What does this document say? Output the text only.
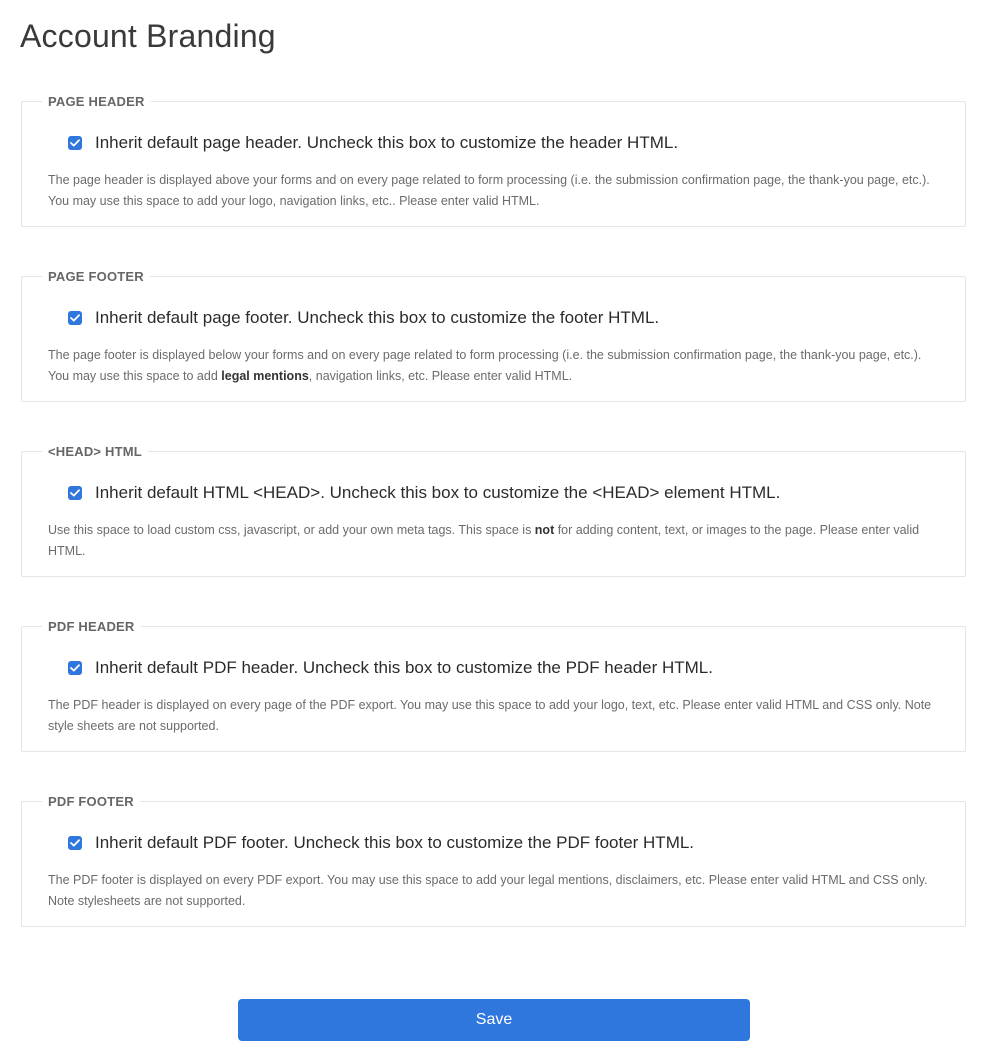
Account Branding
PAGE HEADER
Inherit default page header. Uncheck this box to customize the header HTML.

The page header is displayed above your forms and on every page related to form processing (i.e. the submission confirmation page, the thank-you page, etc.). You may use this space to add your logo, navigation links, etc.. Please enter valid HTML.

PAGE FOOTER
Inherit default page footer. Uncheck this box to customize the footer HTML.

The page footer is displayed below your forms and on every page related to form processing (i.e. the submission confirmation page, the thank-you page, etc.). You may use this space to add legal mentions, navigation links, etc. Please enter valid HTML.

<HEAD> HTML
Inherit default HTML <HEAD>. Uncheck this box to customize the <HEAD> element HTML.

Use this space to load custom css, javascript, or add your own meta tags. This space is not for adding content, text, or images to the page. Please enter valid HTML.

PDF HEADER
Inherit default PDF header. Uncheck this box to customize the PDF header HTML.

The PDF header is displayed on every page of the PDF export. You may use this space to add your logo, text, etc. Please enter valid HTML and CSS only. Note style sheets are not supported.

PDF FOOTER
Inherit default PDF footer. Uncheck this box to customize the PDF footer HTML.

The PDF footer is displayed on every PDF export. You may use this space to add your legal mentions, disclaimers, etc. Please enter valid HTML and CSS only. Note stylesheets are not supported.

Save
